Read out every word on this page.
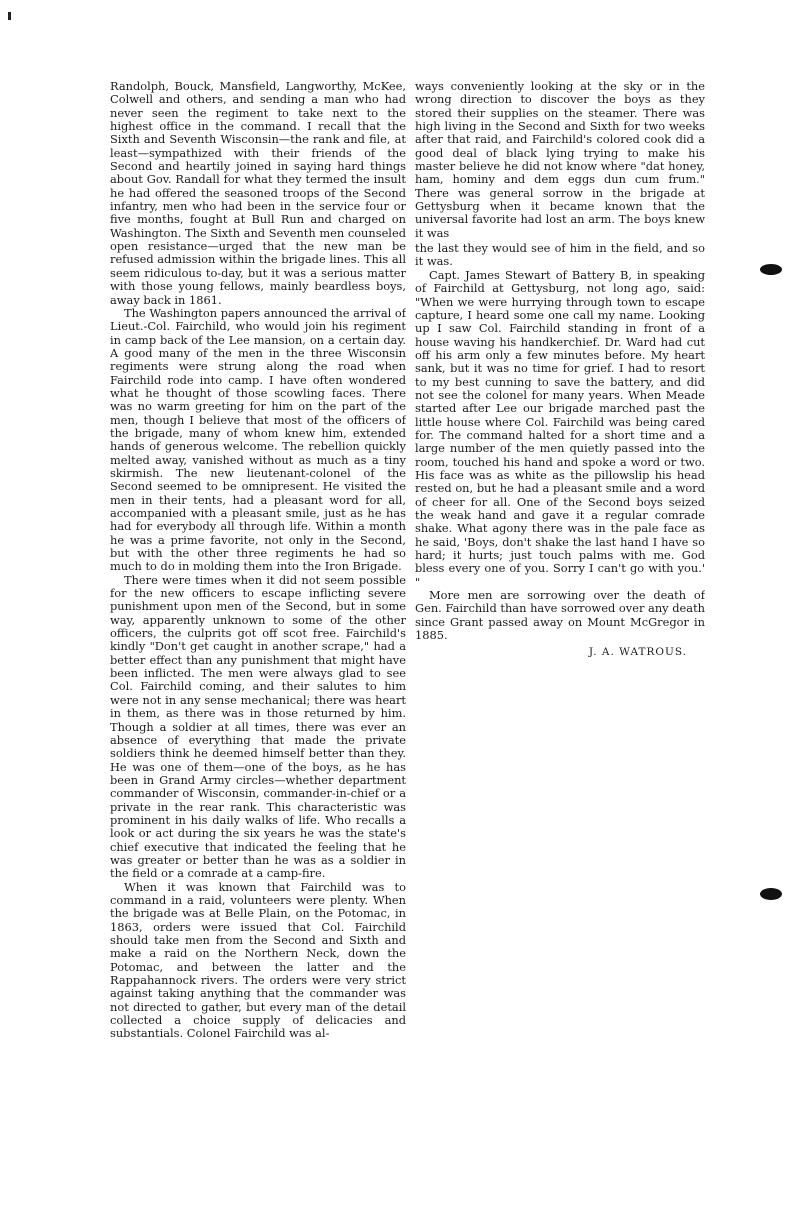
Randolph, Bouck, Mansfield, Langworthy, McKee, Colwell and others, and sending a man who had never seen the regiment to take next to the highest office in the command. I recall that the Sixth and Seventh Wisconsin—the rank and file, at least—sympathized with their friends of the Second and heartily joined in saying hard things about Gov. Randall for what they termed the insult he had offered the seasoned troops of the Second infantry, men who had been in the service four or five months, fought at Bull Run and charged on Washington. The Sixth and Seventh men counseled open resistance—urged that the new man be refused admission within the brigade lines. This all seem ridiculous to-day, but it was a serious matter with those young fellows, mainly beardless boys, away back in 1861.

The Washington papers announced the arrival of Lieut.-Col. Fairchild, who would join his regiment in camp back of the Lee mansion, on a certain day. A good many of the men in the three Wisconsin regiments were strung along the road when Fairchild rode into camp. I have often wondered what he thought of those scowling faces. There was no warm greeting for him on the part of the men, though I believe that most of the officers of the brigade, many of whom knew him, extended hands of generous welcome. The rebellion quickly melted away, vanished without as much as a tiny skirmish. The new lieutenant-colonel of the Second seemed to be omnipresent. He visited the men in their tents, had a pleasant word for all, accompanied with a pleasant smile, just as he has had for everybody all through life. Within a month he was a prime favorite, not only in the Second, but with the other three regiments he had so much to do in molding them into the Iron Brigade.

There were times when it did not seem possible for the new officers to escape inflicting severe punishment upon men of the Second, but in some way, apparently unknown to some of the other officers, the culprits got off scot free. Fairchild's kindly "Don't get caught in another scrape," had a better effect than any punishment that might have been inflicted. The men were always glad to see Col. Fairchild coming, and their salutes to him were not in any sense mechanical; there was heart in them, as there was in those returned by him. Though a soldier at all times, there was ever an absence of everything that made the private soldiers think he deemed himself better than they. He was one of them—one of the boys, as he has been in Grand Army circles—whether department commander of Wisconsin, commander-in-chief or a private in the rear rank. This characteristic was prominent in his daily walks of life. Who recalls a look or act during the six years he was the state's chief executive that indicated the feeling that he was greater or better than he was as a soldier in the field or a comrade at a camp-fire.

When it was known that Fairchild was to command in a raid, volunteers were plenty. When the brigade was at Belle Plain, on the Potomac, in 1863, orders were issued that Col. Fairchild should take men from the Second and Sixth and make a raid on the Northern Neck, down the Potomac, and between the latter and the Rappahannock rivers. The orders were very strict against taking anything that the commander was not directed to gather, but every man of the detail collected a choice supply of delicacies and substantials. Colonel Fairchild was al-

ways conveniently looking at the sky or in the wrong direction to discover the boys as they stored their supplies on the steamer. There was high living in the Second and Sixth for two weeks after that raid, and Fairchild's colored cook did a good deal of black lying trying to make his master believe he did not know where "dat honey, ham, hominy and dem eggs dun cum frum." There was general sorrow in the brigade at Gettysburg when it became known that the universal favorite had lost an arm. The boys knew it was

the last they would see of him in the field, and so it was.

Capt. James Stewart of Battery B, in speaking of Fairchild at Gettysburg, not long ago, said: "When we were hurrying through town to escape capture, I heard some one call my name. Looking up I saw Col. Fairchild standing in front of a house waving his handkerchief. Dr. Ward had cut off his arm only a few minutes before. My heart sank, but it was no time for grief. I had to resort to my best cunning to save the battery, and did not see the colonel for many years. When Meade started after Lee our brigade marched past the little house where Col. Fairchild was being cared for. The command halted for a short time and a large number of the men quietly passed into the room, touched his hand and spoke a word or two. His face was as white as the pillowslip his head rested on, but he had a pleasant smile and a word of cheer for all. One of the Second boys seized the weak hand and gave it a regular comrade shake. What agony there was in the pale face as he said, 'Boys, don't shake the last hand I have so hard; it hurts; just touch palms with me. God bless every one of you. Sorry I can't go with you.' "

More men are sorrowing over the death of Gen. Fairchild than have sorrowed over any death since Grant passed away on Mount McGregor in 1885.

J. A. WATROUS.
